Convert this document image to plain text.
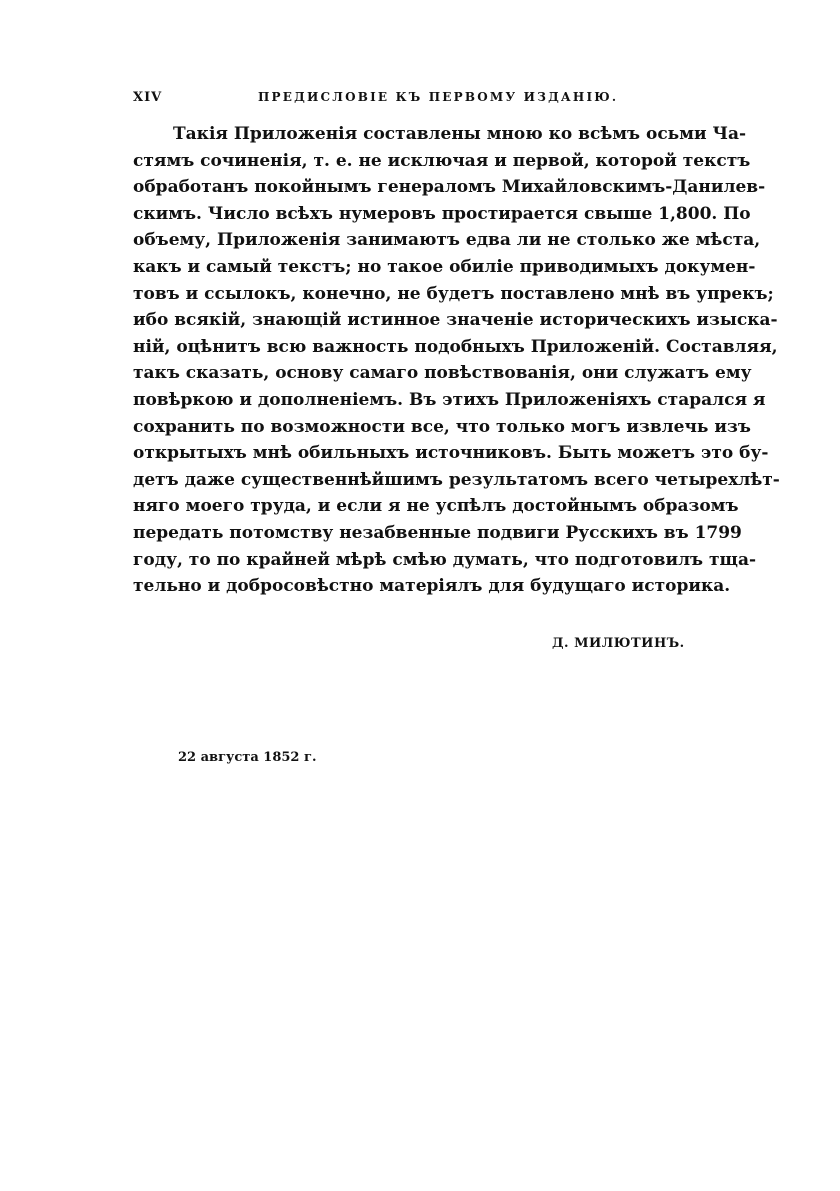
XIV	ПРЕДИСЛОВІЕ КЪ ПЕРВОМУ ИЗДАНІЮ.
Такія Приложенія составлены мною ко всѣмъ осьми Ча-
стямъ сочиненія, т. е. не исключая и первой, которой текстъ
обработанъ покойнымъ генераломъ Михайловскимъ-Данилев-
скимъ. Число всѣхъ нумеровъ простирается свыше 1,800. По
объему, Приложенія занимаютъ едва ли не столько же мѣста,
какъ и самый текстъ; но такое обиліе приводимыхъ докумен-
товъ и ссылокъ, конечно, не будетъ поставлено мнѣ въ упрекъ;
ибо всякій, знающій истинное значеніе историческихъ изыска-
ній, оцѣнитъ всю важность подобныхъ Приложеній. Составляя,
такъ сказать, основу самаго повѣствованія, они служатъ ему
повѣркою и дополненіемъ. Въ этихъ Приложеніяхъ старался я
сохранить по возможности все, что только могъ извлечь изъ
открытыхъ мнѣ обильныхъ источниковъ. Быть можетъ это бу-
детъ даже существеннѣйшимъ результатомъ всего четырехлѣт-
няго моего труда, и если я не успѣлъ достойнымъ образомъ
передать потомству незабвенные подвиги Русскихъ въ 1799
году, то по крайней мѣрѣ смѣю думать, что подготовилъ тща-
тельно и добросовѣстно матеріялъ для будущаго историка.
Д. МИЛЮТИНЪ.
22 августа 1852 г.
